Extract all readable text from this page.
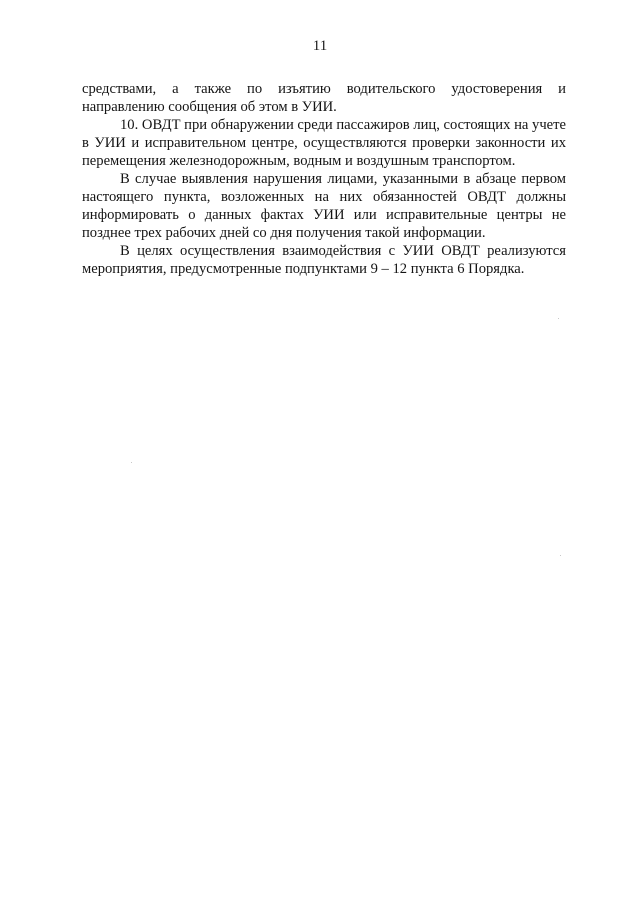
11

средствами, а также по изъятию водительского удостоверения и направлению сообщения об этом в УИИ.

10. ОВДТ при обнаружении среди пассажиров лиц, состоящих на учете в УИИ и исправительном центре, осуществляются проверки законности их перемещения железнодорожным, водным и воздушным транспортом.

В случае выявления нарушения лицами, указанными в абзаце первом настоящего пункта, возложенных на них обязанностей ОВДТ должны информировать о данных фактах УИИ или исправительные центры не позднее трех рабочих дней со дня получения такой информации.

В целях осуществления взаимодействия с УИИ ОВДТ реализуются мероприятия, предусмотренные подпунктами 9 – 12 пункта 6 Порядка.
